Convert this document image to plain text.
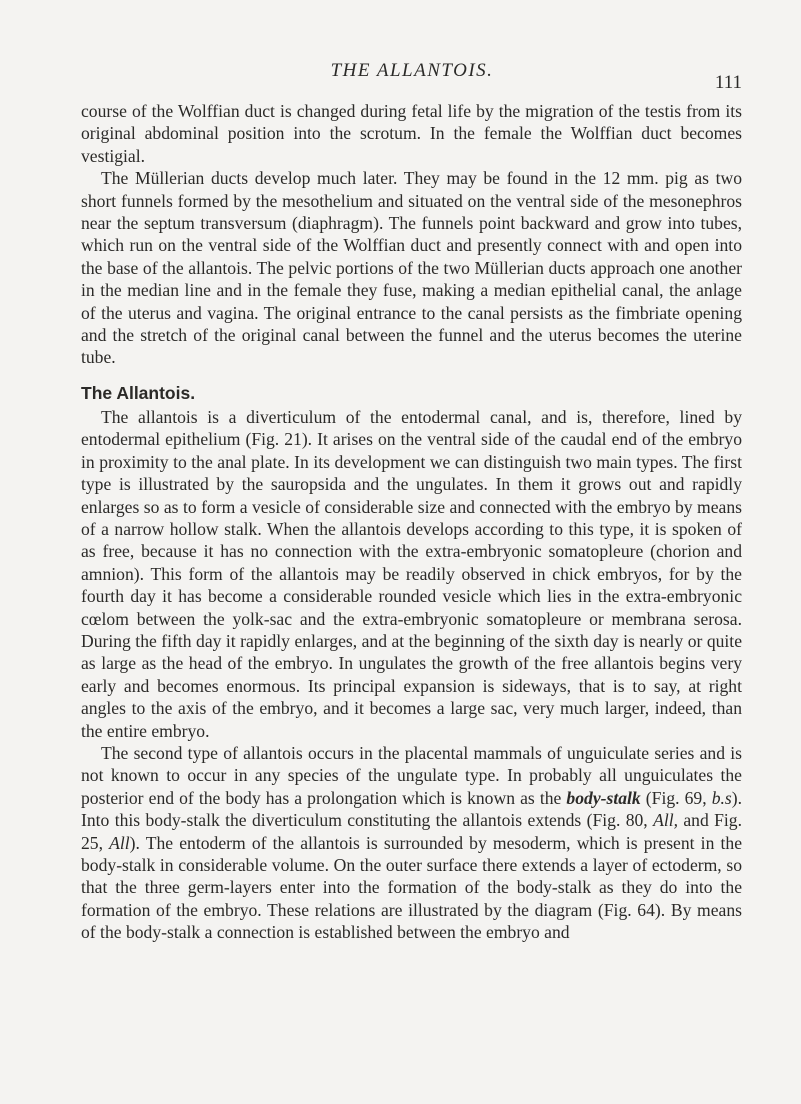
THE ALLANTOIS.
111

course of the Wolffian duct is changed during fetal life by the migration of the testis from its original abdominal position into the scrotum. In the female the Wolffian duct becomes vestigial.

The Müllerian ducts develop much later. They may be found in the 12 mm. pig as two short funnels formed by the mesothelium and situated on the ventral side of the mesonephros near the septum transversum (diaphragm). The funnels point backward and grow into tubes, which run on the ventral side of the Wolffian duct and presently connect with and open into the base of the allantois. The pelvic portions of the two Müllerian ducts approach one another in the median line and in the female they fuse, making a median epithelial canal, the anlage of the uterus and vagina. The original entrance to the canal persists as the fimbriate opening and the stretch of the original canal between the funnel and the uterus becomes the uterine tube.

The Allantois.

The allantois is a diverticulum of the entodermal canal, and is, therefore, lined by entodermal epithelium (Fig. 21). It arises on the ventral side of the caudal end of the embryo in proximity to the anal plate. In its development we can distinguish two main types. The first type is illustrated by the sauropsida and the ungulates. In them it grows out and rapidly enlarges so as to form a vesicle of considerable size and connected with the embryo by means of a narrow hollow stalk. When the allantois develops according to this type, it is spoken of as free, because it has no connection with the extra-embryonic somatopleure (chorion and amnion). This form of the allantois may be readily observed in chick embryos, for by the fourth day it has become a considerable rounded vesicle which lies in the extra-embryonic cœlom between the yolk-sac and the extra-embryonic somatopleure or membrana serosa. During the fifth day it rapidly enlarges, and at the beginning of the sixth day is nearly or quite as large as the head of the embryo. In ungulates the growth of the free allantois begins very early and becomes enormous. Its principal expansion is sideways, that is to say, at right angles to the axis of the embryo, and it becomes a large sac, very much larger, indeed, than the entire embryo.

The second type of allantois occurs in the placental mammals of unguiculate series and is not known to occur in any species of the ungulate type. In probably all unguiculates the posterior end of the body has a prolongation which is known as the body-stalk (Fig. 69, b.s). Into this body-stalk the diverticulum constituting the allantois extends (Fig. 80, All, and Fig. 25, All). The entoderm of the allantois is surrounded by mesoderm, which is present in the body-stalk in considerable volume. On the outer surface there extends a layer of ectoderm, so that the three germ-layers enter into the formation of the body-stalk as they do into the formation of the embryo. These relations are illustrated by the diagram (Fig. 64). By means of the body-stalk a connection is established between the embryo and
